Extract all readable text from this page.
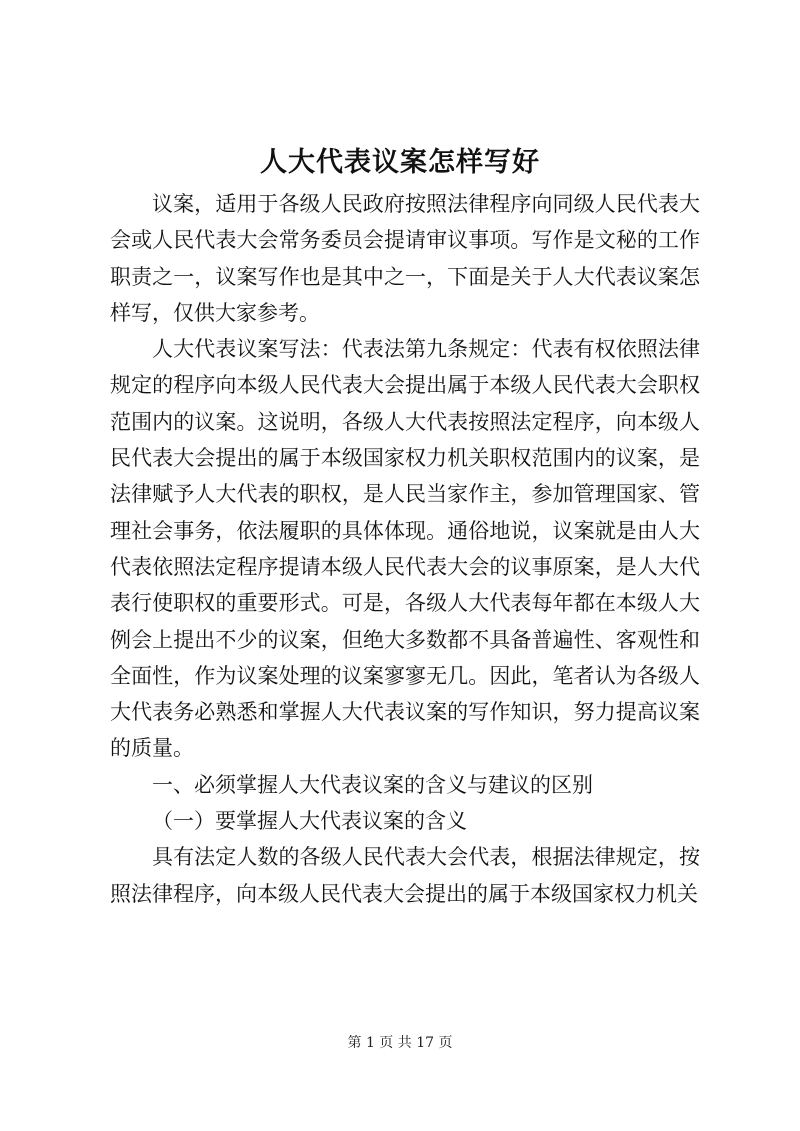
人大代表议案怎样写好

议案，适用于各级人民政府按照法律程序向同级人民代表大会或人民代表大会常务委员会提请审议事项。写作是文秘的工作职责之一，议案写作也是其中之一，下面是关于人大代表议案怎样写，仅供大家参考。

人大代表议案写法：代表法第九条规定：代表有权依照法律规定的程序向本级人民代表大会提出属于本级人民代表大会职权范围内的议案。这说明，各级人大代表按照法定程序，向本级人民代表大会提出的属于本级国家权力机关职权范围内的议案，是法律赋予人大代表的职权，是人民当家作主，参加管理国家、管理社会事务，依法履职的具体体现。通俗地说，议案就是由人大代表依照法定程序提请本级人民代表大会的议事原案，是人大代表行使职权的重要形式。可是，各级人大代表每年都在本级人大例会上提出不少的议案，但绝大多数都不具备普遍性、客观性和全面性，作为议案处理的议案寥寥无几。因此，笔者认为各级人大代表务必熟悉和掌握人大代表议案的写作知识，努力提高议案的质量。

一、必须掌握人大代表议案的含义与建议的区别

（一）要掌握人大代表议案的含义

具有法定人数的各级人民代表大会代表，根据法律规定，按照法律程序，向本级人民代表大会提出的属于本级国家权力机关

第 1 页 共 17 页
